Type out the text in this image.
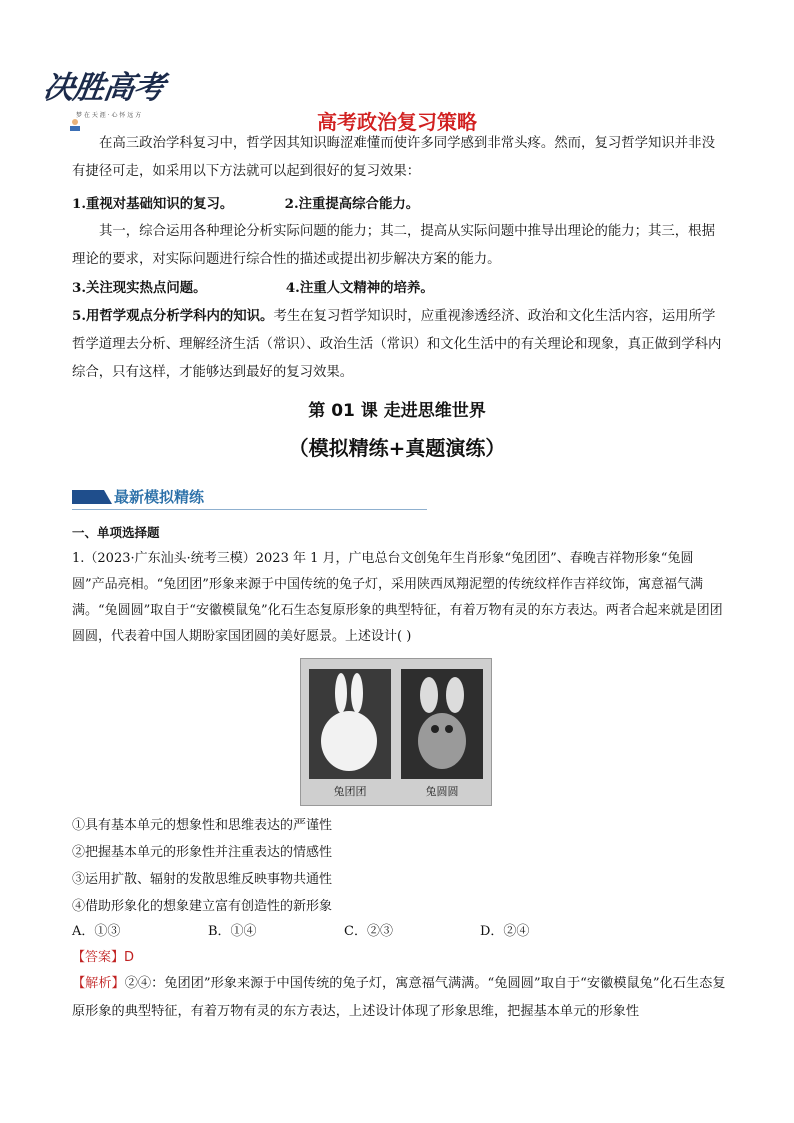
决胜高考
梦 在 天 涯 · 心 怀 远 方	高考政治复习策略

在高三政治学科复习中，哲学因其知识晦涩难懂而使许多同学感到非常头疼。然而，复习哲学知识并非没有捷径可走，如采用以下方法就可以起到很好的复习效果：

1.重视对基础知识的复习。	2.注重提高综合能力。

其一，综合运用各种理论分析实际问题的能力；其二，提高从实际问题中推导出理论的能力；其三，根据理论的要求，对实际问题进行综合性的描述或提出初步解决方案的能力。

3.关注现实热点问题。	4.注重人文精神的培养。

5.用哲学观点分析学科内的知识。考生在复习哲学知识时，应重视渗透经济、政治和文化生活内容，运用所学哲学道理去分析、理解经济生活（常识）、政治生活（常识）和文化生活中的有关理论和现象，真正做到学科内综合，只有这样，才能够达到最好的复习效果。

第 01 课 走进思维世界
（模拟精练+真题演练）
最新模拟精练
一、单项选择题

1.（2023·广东汕头·统考三模）2023 年 1 月，广电总台文创兔年生肖形象“兔团团”、春晚吉祥物形象“兔圆圆”产品亮相。“兔团团”形象来源于中国传统的兔子灯，采用陕西凤翔泥塑的传统纹样作吉祥纹饰，寓意福气满满。“兔圆圆”取自于“安徽模鼠兔”化石生态复原形象的典型特征，有着万物有灵的东方表达。两者合起来就是团团圆圆，代表着中国人期盼家国团圆的美好愿景。上述设计( )

兔团团	兔圆圆
①具有基本单元的想象性和思维表达的严谨性
②把握基本单元的形象性并注重表达的情感性
③运用扩散、辐射的发散思维反映事物共通性
④借助形象化的想象建立富有创造性的新形象
A．①③	B．①④	C．②③	D．②④
【答案】D

【解析】②④：兔团团”形象来源于中国传统的兔子灯，寓意福气满满。“兔圆圆”取自于“安徽模鼠兔”化石生态复原形象的典型特征，有着万物有灵的东方表达，上述设计体现了形象思维，把握基本单元的形象性
